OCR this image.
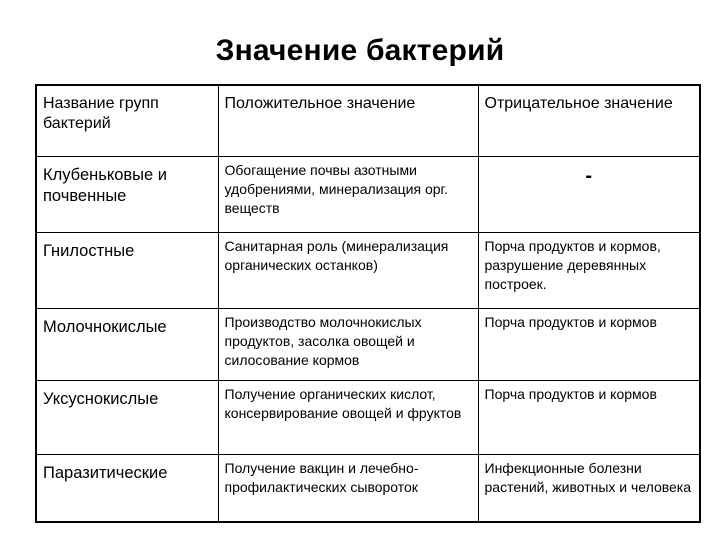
Значение бактерий
Название групп бактерий	Положительное значение	Отрицательное значение
Клубеньковые и почвенные	Обогащение почвы азотными удобрениями, минерализация орг. веществ	-
Гнилостные	Санитарная роль (минерализация органических останков)	Порча продуктов и кормов, разрушение деревянных построек.
Молочнокислые	Производство молочнокислых продуктов, засолка овощей и силосование кормов	Порча продуктов и кормов
Уксуснокислые	Получение органических кислот, консервирование овощей и фруктов	Порча продуктов и кормов
Паразитические	Получение вакцин и лечебно-профилактических сывороток	Инфекционные болезни растений, животных и человека
